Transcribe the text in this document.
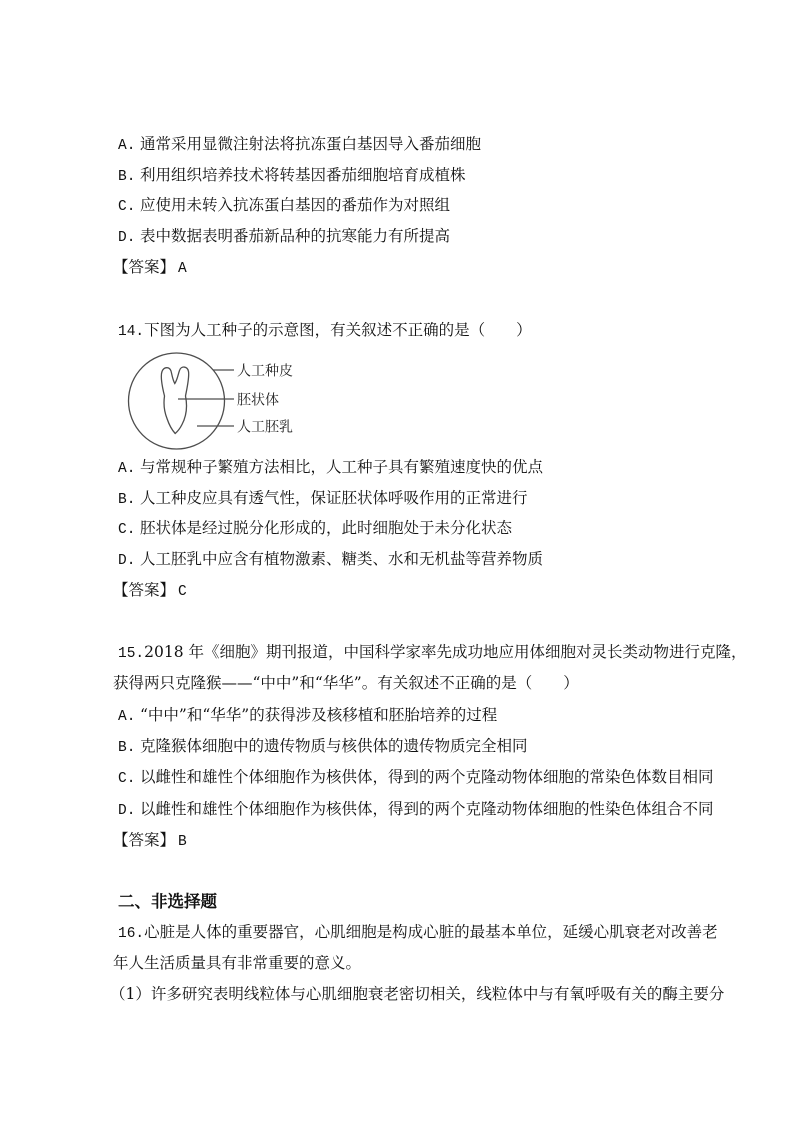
A. 通常采用显微注射法将抗冻蛋白基因导入番茄细胞
B. 利用组织培养技术将转基因番茄细胞培育成植株
C. 应使用未转入抗冻蛋白基因的番茄作为对照组
D. 表中数据表明番茄新品种的抗寒能力有所提高
【答案】 A
14.下图为人工种子的示意图，有关叙述不正确的是（　　）
人工种皮
胚状体
人工胚乳
A. 与常规种子繁殖方法相比，人工种子具有繁殖速度快的优点
B. 人工种皮应具有透气性，保证胚状体呼吸作用的正常进行
C. 胚状体是经过脱分化形成的，此时细胞处于未分化状态
D. 人工胚乳中应含有植物激素、糖类、水和无机盐等营养物质
【答案】 C
15.2018 年《细胞》期刊报道，中国科学家率先成功地应用体细胞对灵长类动物进行克隆，
获得两只克隆猴——“中中”和“华华”。有关叙述不正确的是（　　）
A. “中中”和“华华”的获得涉及核移植和胚胎培养的过程
B. 克隆猴体细胞中的遗传物质与核供体的遗传物质完全相同
C. 以雌性和雄性个体细胞作为核供体，得到的两个克隆动物体细胞的常染色体数目相同
D. 以雌性和雄性个体细胞作为核供体，得到的两个克隆动物体细胞的性染色体组合不同
【答案】 B
二、非选择题
16.心脏是人体的重要器官，心肌细胞是构成心脏的最基本单位，延缓心肌衰老对改善老
年人生活质量具有非常重要的意义。
（1）许多研究表明线粒体与心肌细胞衰老密切相关，线粒体中与有氧呼吸有关的酶主要分
